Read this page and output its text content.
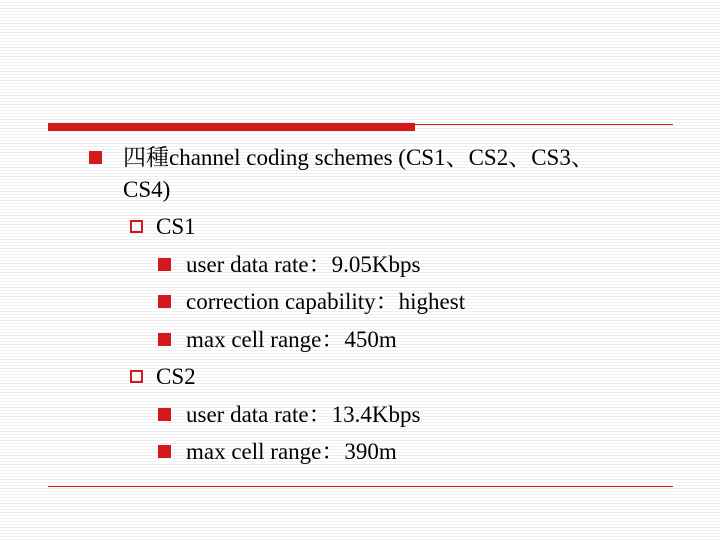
四種channel coding schemes (CS1、CS2、CS3、
CS4)
CS1
user data rate：9.05Kbps
correction capability：highest
max cell range：450m
CS2
user data rate：13.4Kbps
max cell range：390m
